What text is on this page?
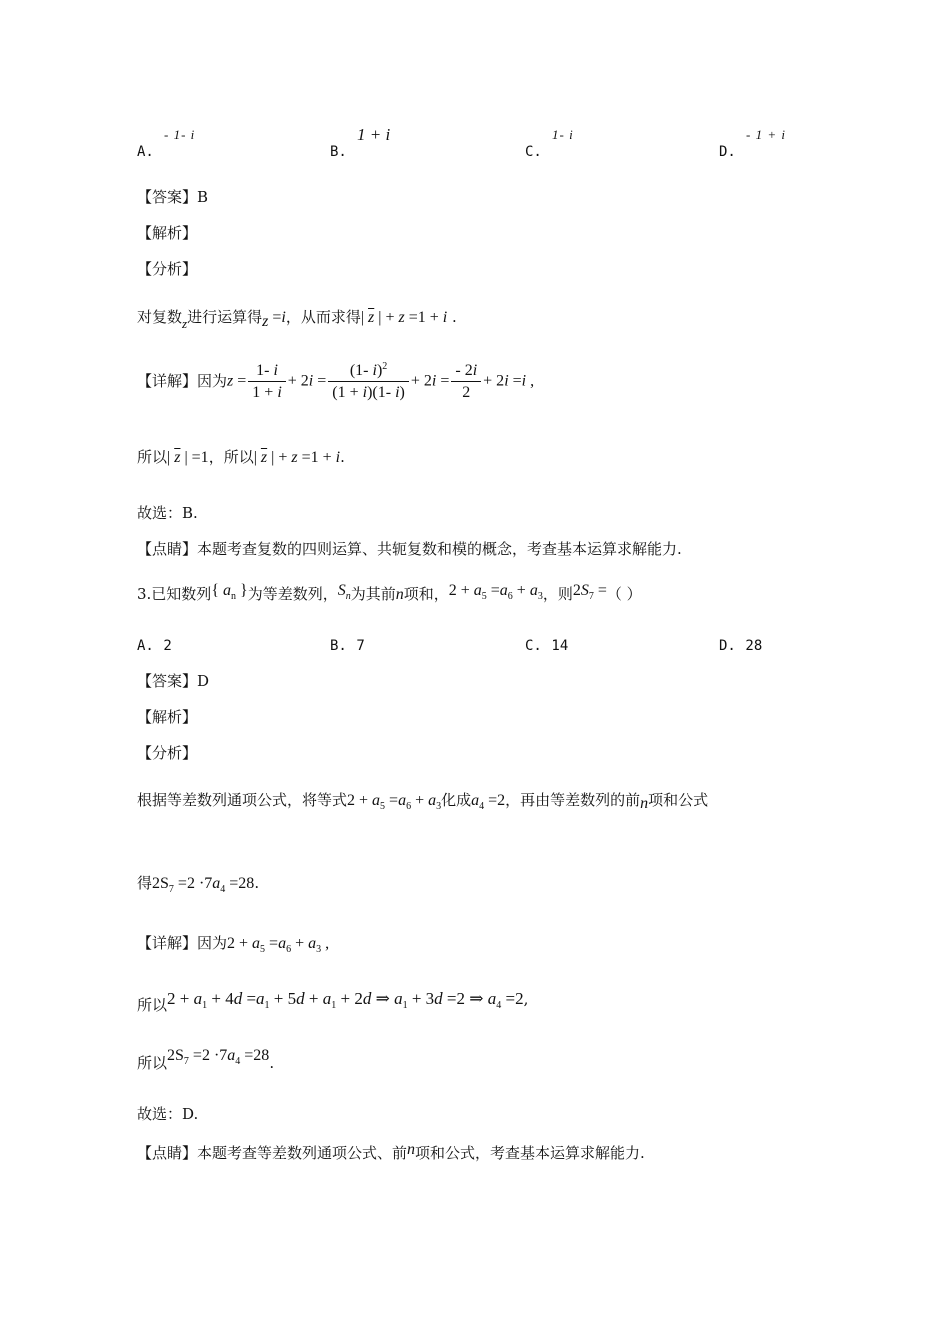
A.
- 1- i
B.
1 + i
C.
1- i
D.
- 1 + i
【答案】B
【解析】
【分析】
对复数z进行运算得z =i，从而求得| $\overline{z}$ | + z =1 + i .
【详解】因为$z = \frac{1- i}{1 + i} + 2i = \frac{(1- i)^2}{(1 + i)(1- i)} + 2i = \frac{- 2i}{2} + 2i =i$ ,
所以| $\overline{z}$ | =1，所以| $\overline{z}$ | + z =1 + i.
故选：B.
【点睛】本题考查复数的四则运算、共轭复数和模的概念，考查基本运算求解能力.
3.已知数列{ $a_n$ }为等差数列，$S_n$为其前n项和，$2 + a_5 =a_6 + a_3$，则$2S_7$ =（ ）
A. 2	B. 7	C. 14	D. 28
【答案】D
【解析】
【分析】
根据等差数列通项公式，将等式$2 + a_5 =a_6 + a_3$化成$a_4 =2$，再由等差数列的前n项和公式
得$2S_7 =2 \cdot 7a_4 =28$.
【详解】因为$2 + a_5 =a_6 + a_3$ ,
所以$2 + a_1 + 4d =a_1 + 5d + a_1 + 2d$ ⇒ $a_1 + 3d =2$ ⇒ $a_4 =2$,
所以$2S_7 =2 \cdot 7a_4 =28$.
故选：D.
【点睛】本题考查等差数列通项公式、前n项和公式，考查基本运算求解能力.
